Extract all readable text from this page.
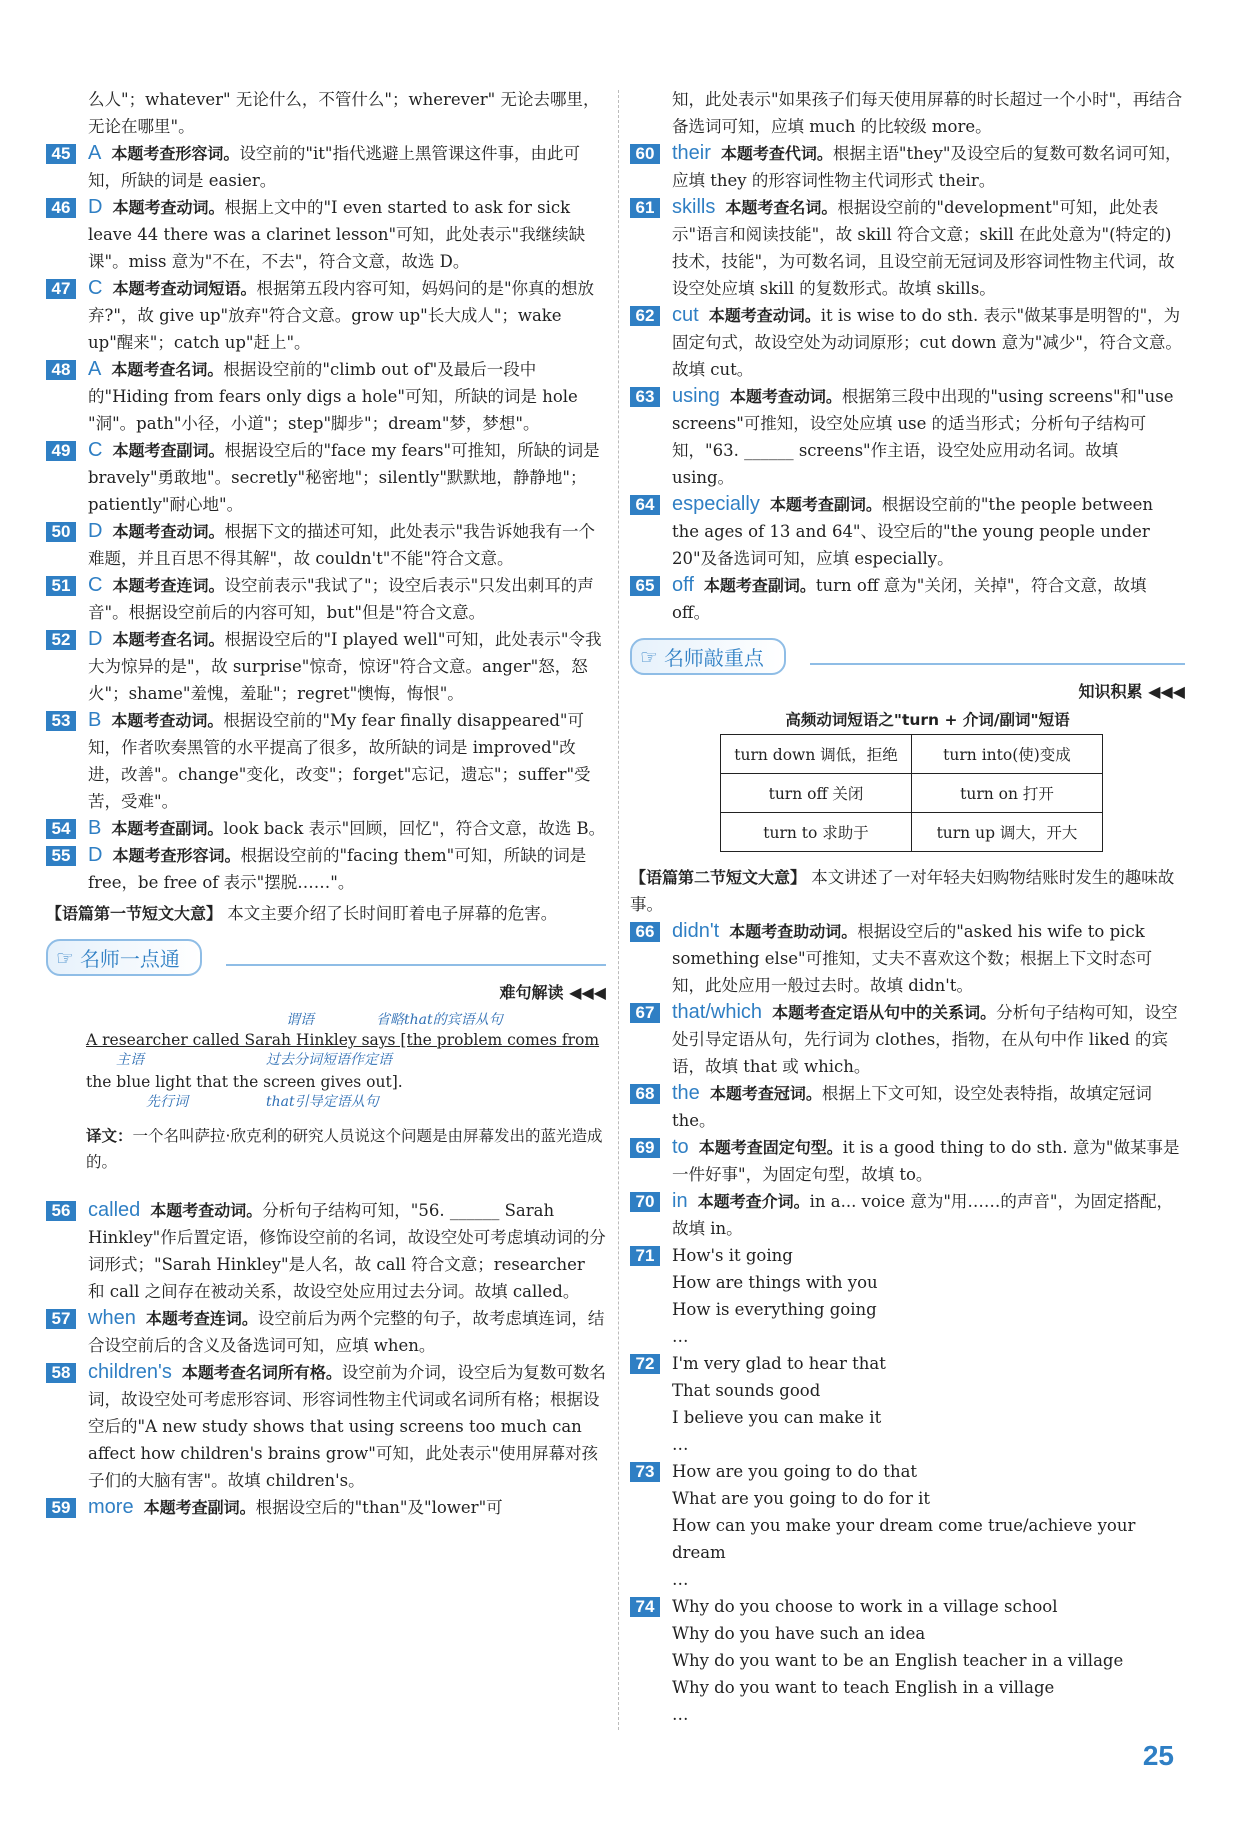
么人"；whatever" 无论什么，不管什么"；wherever" 无论去哪里，无论在哪里"。

45 A 本题考查形容词。设空前的"it"指代逃避上黑管课这件事，由此可知，所缺的词是 easier。

46 D 本题考查动词。根据上文中的"I even started to ask for sick leave 44 there was a clarinet lesson"可知，此处表示"我继续缺课"。miss 意为"不在，不去"，符合文意，故选 D。

47 C 本题考查动词短语。根据第五段内容可知，妈妈问的是"你真的想放弃?"，故 give up"放弃"符合文意。grow up"长大成人"；wake up"醒来"；catch up"赶上"。

48 A 本题考查名词。根据设空前的"climb out of"及最后一段中的"Hiding from fears only digs a hole"可知，所缺的词是 hole "洞"。path"小径，小道"；step"脚步"；dream"梦，梦想"。

49 C 本题考查副词。根据设空后的"face my fears"可推知，所缺的词是 bravely"勇敢地"。secretly"秘密地"；silently"默默地，静静地"；patiently"耐心地"。

50 D 本题考查动词。根据下文的描述可知，此处表示"我告诉她我有一个难题，并且百思不得其解"，故 couldn't"不能"符合文意。

51 C 本题考查连词。设空前表示"我试了"；设空后表示"只发出刺耳的声音"。根据设空前后的内容可知，but"但是"符合文意。

52 D 本题考查名词。根据设空后的"I played well"可知，此处表示"令我大为惊异的是"，故 surprise"惊奇，惊讶"符合文意。anger"怒，怒火"；shame"羞愧，羞耻"；regret"懊悔，悔恨"。

53 B 本题考查动词。根据设空前的"My fear finally disappeared"可知，作者吹奏黑管的水平提高了很多，故所缺的词是 improved"改进，改善"。change"变化，改变"；forget"忘记，遗忘"；suffer"受苦，受难"。

54 B 本题考查副词。look back 表示"回顾，回忆"，符合文意，故选 B。

55 D 本题考查形容词。根据设空前的"facing them"可知，所缺的词是 free，be free of 表示"摆脱……"。

【语篇第一节短文大意】 本文主要介绍了长时间盯着电子屏幕的危害。

☞ 名师一点通
难句解读 ◀◀◀
谓语	省略that的宾语从句
A researcher called Sarah Hinkley says [the problem comes from
主语	过去分词短语作定语
the blue light that the screen gives out].
先行词	that引导定语从句

译文：一个名叫萨拉·欣克利的研究人员说这个问题是由屏幕发出的蓝光造成的。

56 called 本题考查动词。分析句子结构可知，"56. ______ Sarah Hinkley"作后置定语，修饰设空前的名词，故设空处可考虑填动词的分词形式；"Sarah Hinkley"是人名，故 call 符合文意；researcher 和 call 之间存在被动关系，故设空处应用过去分词。故填 called。

57 when 本题考查连词。设空前后为两个完整的句子，故考虑填连词，结合设空前后的含义及备选词可知，应填 when。

58 children's 本题考查名词所有格。设空前为介词，设空后为复数可数名词，故设空处可考虑形容词、形容词性物主代词或名词所有格；根据设空后的"A new study shows that using screens too much can affect how children's brains grow"可知，此处表示"使用屏幕对孩子们的大脑有害"。故填 children's。

59 more 本题考查副词。根据设空后的"than"及"lower"可

知，此处表示"如果孩子们每天使用屏幕的时长超过一个小时"，再结合备选词可知，应填 much 的比较级 more。

60 their 本题考查代词。根据主语"they"及设空后的复数可数名词可知，应填 they 的形容词性物主代词形式 their。

61 skills 本题考查名词。根据设空前的"development"可知，此处表示"语言和阅读技能"，故 skill 符合文意；skill 在此处意为"(特定的)技术，技能"，为可数名词，且设空前无冠词及形容词性物主代词，故设空处应填 skill 的复数形式。故填 skills。

62 cut 本题考查动词。it is wise to do sth. 表示"做某事是明智的"，为固定句式，故设空处为动词原形；cut down 意为"减少"，符合文意。故填 cut。

63 using 本题考查动词。根据第三段中出现的"using screens"和"use screens"可推知，设空处应填 use 的适当形式；分析句子结构可知，"63. ______ screens"作主语，设空处应用动名词。故填 using。

64 especially 本题考查副词。根据设空前的"the people between the ages of 13 and 64"、设空后的"the young people under 20"及备选词可知，应填 especially。

65 off 本题考查副词。turn off 意为"关闭，关掉"，符合文意，故填 off。

☞ 名师敲重点
知识积累 ◀◀◀
高频动词短语之"turn + 介词/副词"短语
turn down 调低，拒绝	turn into(使)变成
turn off 关闭	turn on 打开
turn to 求助于	turn up 调大，开大

【语篇第二节短文大意】 本文讲述了一对年轻夫妇购物结账时发生的趣味故事。

66 didn't 本题考查助动词。根据设空后的"asked his wife to pick something else"可推知，丈夫不喜欢这个数；根据上下文时态可知，此处应用一般过去时。故填 didn't。

67 that/which 本题考查定语从句中的关系词。分析句子结构可知，设空处引导定语从句，先行词为 clothes，指物，在从句中作 liked 的宾语，故填 that 或 which。

68 the 本题考查冠词。根据上下文可知，设空处表特指，故填定冠词 the。

69 to 本题考查固定句型。it is a good thing to do sth. 意为"做某事是一件好事"，为固定句型，故填 to。

70 in 本题考查介词。in a... voice 意为"用……的声音"，为固定搭配，故填 in。

71	How's it going

How are things with you

How is everything going

…

72	I'm very glad to hear that

That sounds good

I believe you can make it

…

73	How are you going to do that

What are you going to do for it

How can you make your dream come true/achieve your dream

…

74	Why do you choose to work in a village school

Why do you have such an idea

Why do you want to be an English teacher in a village

Why do you want to teach English in a village

…

25
